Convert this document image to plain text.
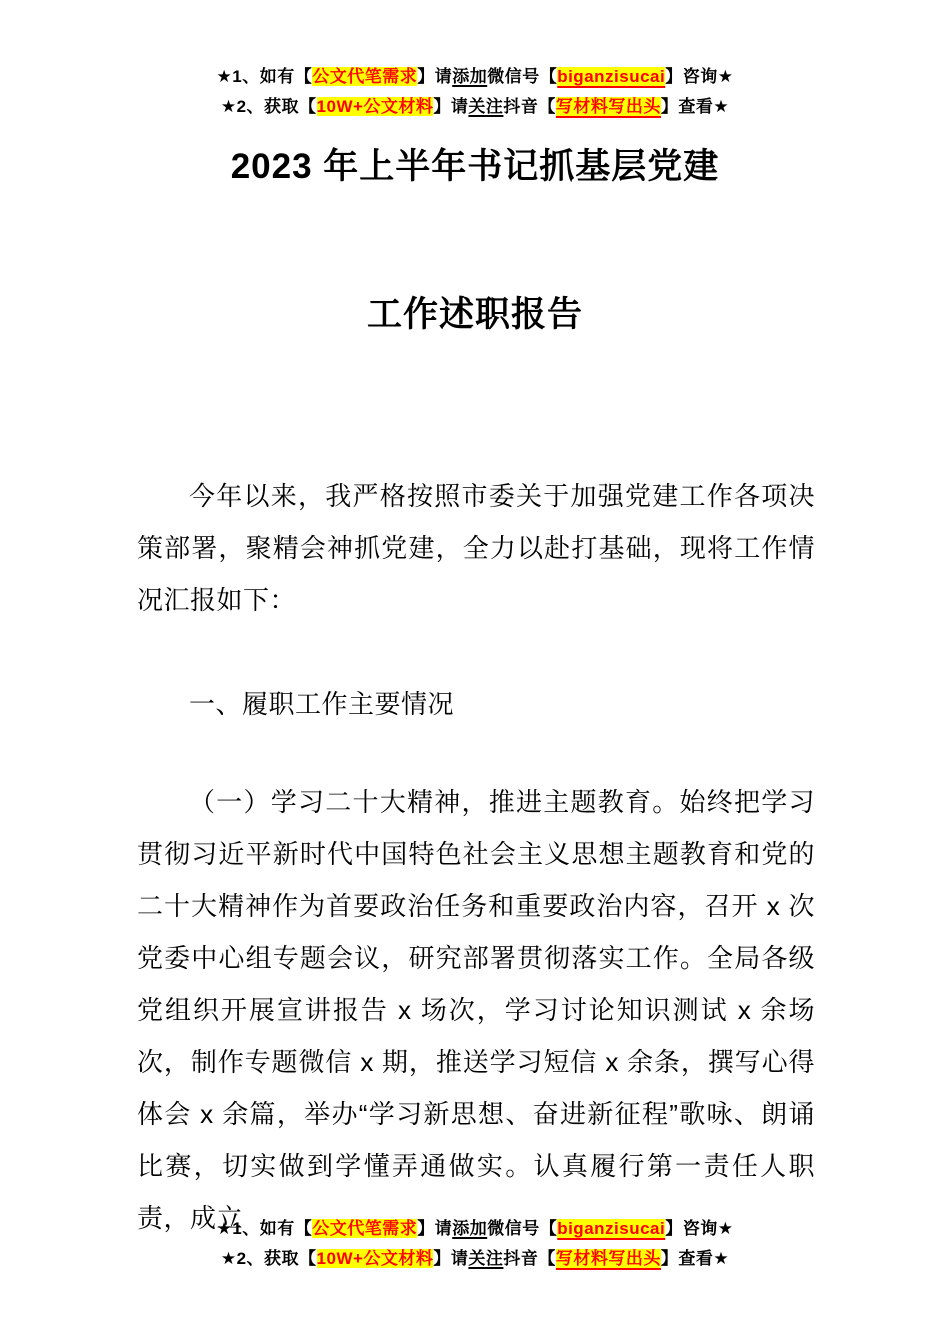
★1、如有【公文代笔需求】请添加微信号【biganzisucai】咨询★
★2、获取【10W+公文材料】请关注抖音【写材料写出头】查看★
2023 年上半年书记抓基层党建
工作述职报告

今年以来，我严格按照市委关于加强党建工作各项决策部署，聚精会神抓党建，全力以赴打基础，现将工作情况汇报如下：

一、履职工作主要情况

（一）学习二十大精神，推进主题教育。始终把学习贯彻习近平新时代中国特色社会主义思想主题教育和党的二十大精神作为首要政治任务和重要政治内容，召开 x 次党委中心组专题会议，研究部署贯彻落实工作。全局各级党组织开展宣讲报告 x 场次，学习讨论知识测试 x 余场次，制作专题微信 x 期，推送学习短信 x 余条，撰写心得体会 x 余篇，举办“学习新思想、奋进新征程”歌咏、朗诵比赛，切实做到学懂弄通做实。认真履行第一责任人职责，成立

★1、如有【公文代笔需求】请添加微信号【biganzisucai】咨询★
★2、获取【10W+公文材料】请关注抖音【写材料写出头】查看★
